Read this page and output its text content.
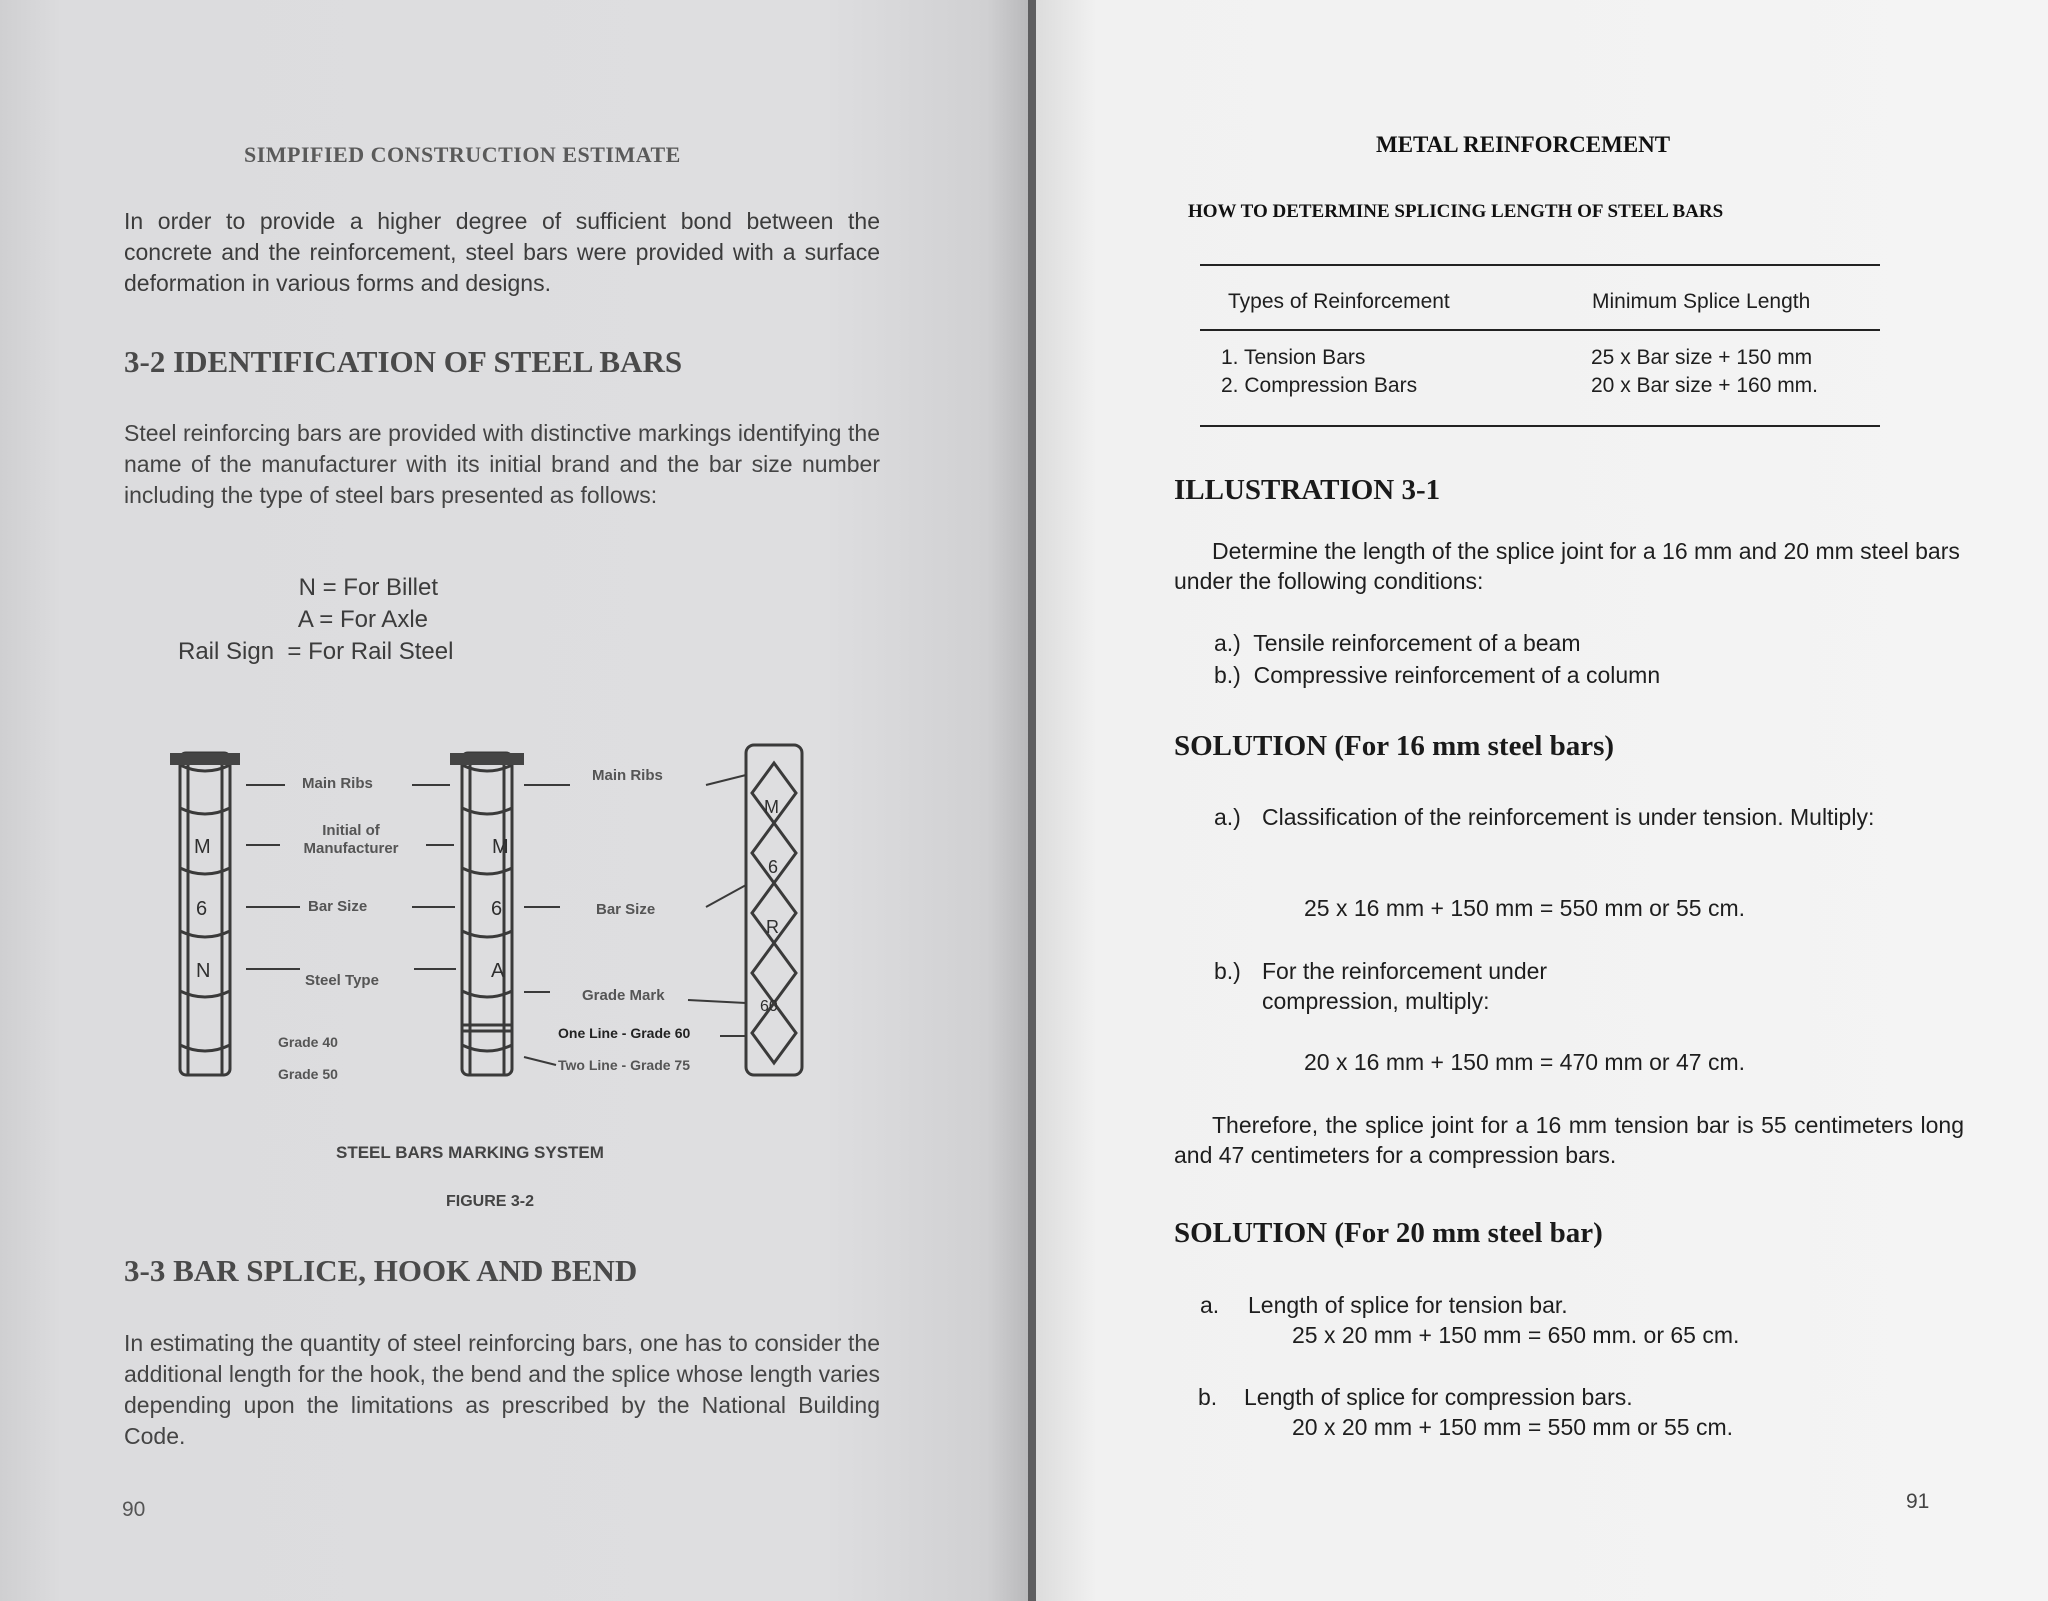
SIMPIFIED CONSTRUCTION ESTIMATE
In order to provide a higher degree of sufficient bond between the concrete and the reinforcement, steel bars were provided with a surface deformation in various forms and designs.
3-2 IDENTIFICATION OF STEEL BARS
Steel reinforcing bars are provided with distinctive markings identifying the name of the manufacturer with its initial brand and the bar size number including the type of steel bars presented as follows:
N = For Billet
A = For Axle
Rail Sign = For Rail Steel
M
6
N
M
6
A
M
6
R
60
Main Ribs	Main Ribs
Initial of Manufacturer
Bar Size	Bar Size
Steel Type
Grade Mark
Grade 40
Grade 50
One Line - Grade 60
Two Line - Grade 75
STEEL BARS MARKING SYSTEM
FIGURE 3-2
3-3 BAR SPLICE, HOOK AND BEND
In estimating the quantity of steel reinforcing bars, one has to consider the additional length for the hook, the bend and the splice whose length varies depending upon the limitations as prescribed by the National Building Code.
90
METAL REINFORCEMENT
HOW TO DETERMINE SPLICING LENGTH OF STEEL BARS
Types of Reinforcement	Minimum Splice Length
1. Tension Bars	25 x Bar size + 150 mm
2. Compression Bars	20 x Bar size + 160 mm.
ILLUSTRATION 3-1
Determine the length of the splice joint for a 16 mm and 20 mm steel bars under the following conditions:
a.) Tensile reinforcement of a beam
b.) Compressive reinforcement of a column
SOLUTION (For 16 mm steel bars)
a.) Classification of the reinforcement is under tension. Multiply:
25 x 16 mm + 150 mm = 550 mm or 55 cm.
b.) For the reinforcement under compression, multiply:
20 x 16 mm + 150 mm = 470 mm or 47 cm.
Therefore, the splice joint for a 16 mm tension bar is 55 centimeters long and 47 centimeters for a compression bars.
SOLUTION (For 20 mm steel bar)
a. Length of splice for tension bar.
25 x 20 mm + 150 mm = 650 mm. or 65 cm.
b. Length of splice for compression bars.
20 x 20 mm + 150 mm = 550 mm or 55 cm.
91
